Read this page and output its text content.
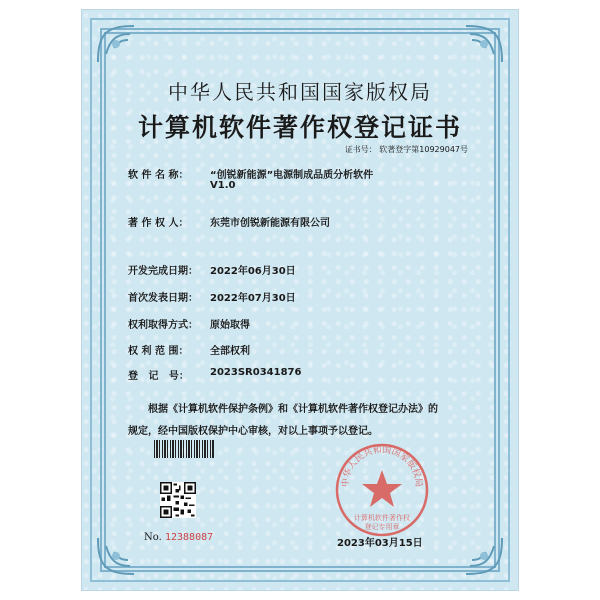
中华人民共和国国家版权局
计算机软件著作权登记证书
证书号： 软著登字第10929047号
软 件 名 称： “创锐新能源”电源制成品质分析软件
V1.0
著 作 权 人： 东莞市创锐新能源有限公司
开发完成日期： 2022年06月30日
首次发表日期： 2022年07月30日
权利取得方式： 原始取得
权 利 范 围： 全部权利
登   记   号： 2023SR0341876
根据《计算机软件保护条例》和《计算机软件著作权登记办法》的
规定，经中国版权保护中心审核，对以上事项予以登记。
No. 12388087
中华人民共和国国家版权局
计算机软件著作权
登记专用章
2023年03月15日
